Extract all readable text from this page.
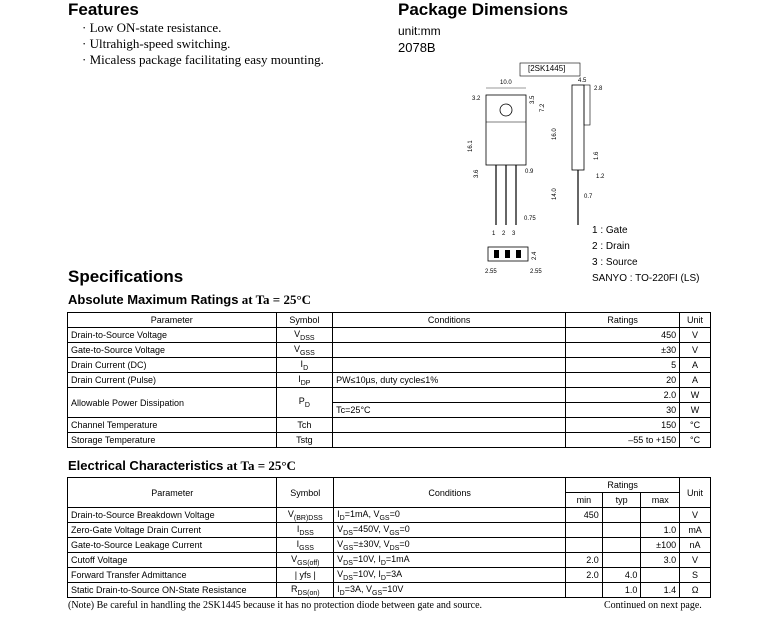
Features
· Low ON-state resistance.
· Ultrahigh-speed switching.
· Micaless package facilitating easy mounting.
Package Dimensions
unit:mm
2078B
[2SK1445]
10.0
3.2	3.5
7.2
16.1
16.0
14.0
3.6	0.9
0.75
1 2 3
4.5
2.8
1.6
1.2
0.7
2.4
2.55	2.55
1 : Gate
2 : Drain
3 : Source
SANYO : TO-220FI (LS)
Specifications
Absolute Maximum Ratings at Ta = 25°C
Parameter	Symbol	Conditions	Ratings	Unit
Drain-to-Source Voltage	$V_{DSS}$		450	V
Gate-to-Source Voltage	$V_{GSS}$		±30	V
Drain Current (DC)	$I_D$		5	A
Drain Current (Pulse)	$I_{DP}$	PW≤10µs, duty cycle≤1%	20	A
Allowable Power Dissipation	$P_D$		2.0	W
		Tc=25°C	30	W
Channel Temperature	Tch		150	°C
Storage Temperature	Tstg		–55 to +150	°C
Electrical Characteristics at Ta = 25°C
Parameter	Symbol	Conditions	Ratings			Unit
			min	typ	max	
Drain-to-Source Breakdown Voltage	$V_{(BR)DSS}$	$I_D=1mA$, $V_{GS}=0$	450			V
Zero-Gate Voltage Drain Current	$I_{DSS}$	$V_{DS}=450V$, $V_{GS}=0$			1.0	mA
Gate-to-Source Leakage Current	$I_{GSS}$	$V_{GS}=\pm 30V$, $V_{DS}=0$			±100	nA
Cutoff Voltage	$V_{GS(off)}$	$V_{DS}=10V$, $I_D=1mA$	2.0		3.0	V
Forward Transfer Admittance	| yfs |	$V_{DS}=10V$, $I_D=3A$	2.0	4.0		S
Static Drain-to-Source ON-State Resistance	$R_{DS(on)}$	$I_D=3A$, $V_{GS}=10V$		1.0	1.4	Ω
(Note) Be careful in handling the 2SK1445 because it has no protection diode between gate and source.	Continued on next page.
